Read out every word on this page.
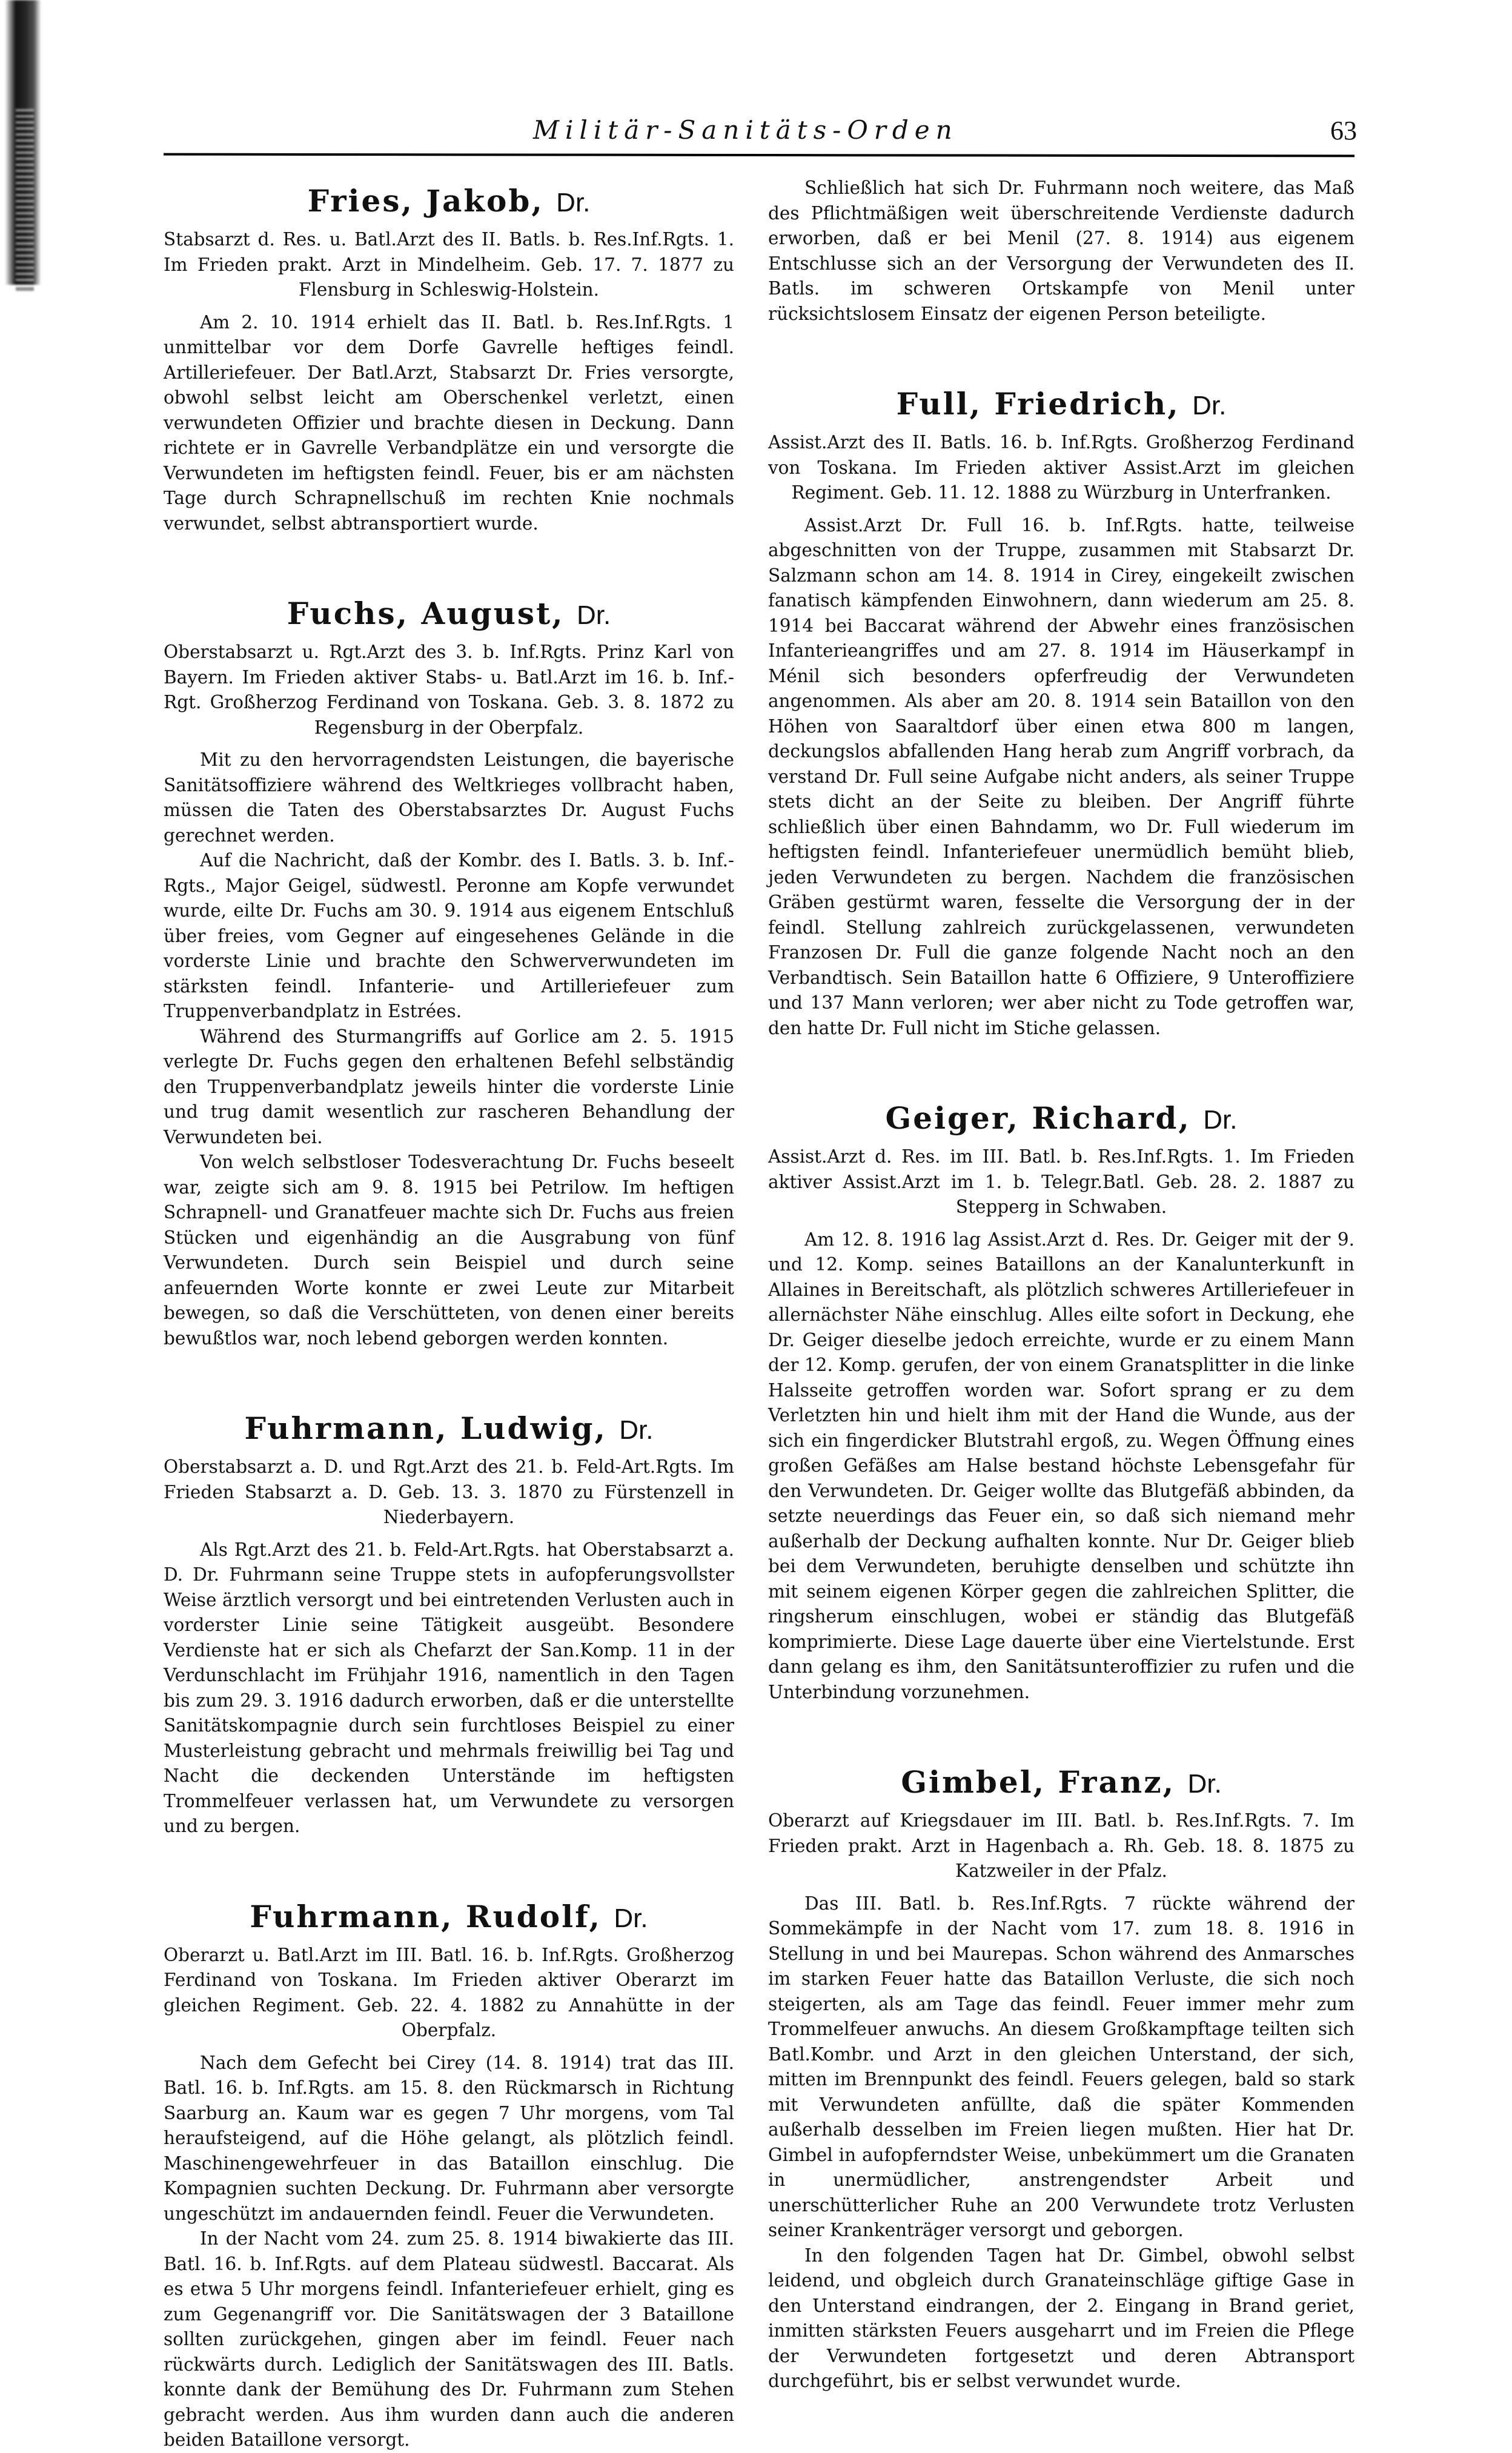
Militär-Sanitäts-Orden	63
Fries, Jakob, Dr.

Stabsarzt d. Res. u. Batl.Arzt des II. Batls. b. Res.Inf.Rgts. 1. Im Frieden prakt. Arzt in Mindelheim. Geb. 17. 7. 1877 zu Flensburg in Schleswig-Holstein.

Am 2. 10. 1914 erhielt das II. Batl. b. Res.Inf.Rgts. 1 unmittelbar vor dem Dorfe Gavrelle heftiges feindl. Artilleriefeuer. Der Batl.Arzt, Stabsarzt Dr. Fries versorgte, obwohl selbst leicht am Oberschenkel verletzt, einen verwundeten Offizier und brachte diesen in Deckung. Dann richtete er in Gavrelle Verbandplätze ein und versorgte die Verwundeten im heftigsten feindl. Feuer, bis er am nächsten Tage durch Schrapnellschuß im rechten Knie nochmals verwundet, selbst abtransportiert wurde.

Fuchs, August, Dr.

Oberstabsarzt u. Rgt.Arzt des 3. b. Inf.Rgts. Prinz Karl von Bayern. Im Frieden aktiver Stabs- u. Batl.Arzt im 16. b. Inf.-Rgt. Großherzog Ferdinand von Toskana. Geb. 3. 8. 1872 zu Regensburg in der Oberpfalz.

Mit zu den hervorragendsten Leistungen, die bayerische Sanitätsoffiziere während des Weltkrieges vollbracht haben, müssen die Taten des Oberstabsarztes Dr. August Fuchs gerechnet werden.

Auf die Nachricht, daß der Kombr. des I. Batls. 3. b. Inf.-Rgts., Major Geigel, südwestl. Peronne am Kopfe verwundet wurde, eilte Dr. Fuchs am 30. 9. 1914 aus eigenem Entschluß über freies, vom Gegner auf eingesehenes Gelände in die vorderste Linie und brachte den Schwerverwundeten im stärksten feindl. Infanterie- und Artilleriefeuer zum Truppenverbandplatz in Estrées.

Während des Sturmangriffs auf Gorlice am 2. 5. 1915 verlegte Dr. Fuchs gegen den erhaltenen Befehl selbständig den Truppenverbandplatz jeweils hinter die vorderste Linie und trug damit wesentlich zur rascheren Behandlung der Verwundeten bei.

Von welch selbstloser Todesverachtung Dr. Fuchs beseelt war, zeigte sich am 9. 8. 1915 bei Petrilow. Im heftigen Schrapnell- und Granatfeuer machte sich Dr. Fuchs aus freien Stücken und eigenhändig an die Ausgrabung von fünf Verwundeten. Durch sein Beispiel und durch seine anfeuernden Worte konnte er zwei Leute zur Mitarbeit bewegen, so daß die Verschütteten, von denen einer bereits bewußtlos war, noch lebend geborgen werden konnten.

Fuhrmann, Ludwig, Dr.

Oberstabsarzt a. D. und Rgt.Arzt des 21. b. Feld-Art.Rgts. Im Frieden Stabsarzt a. D. Geb. 13. 3. 1870 zu Fürstenzell in Niederbayern.

Als Rgt.Arzt des 21. b. Feld-Art.Rgts. hat Oberstabsarzt a. D. Dr. Fuhrmann seine Truppe stets in aufopferungsvollster Weise ärztlich versorgt und bei eintretenden Verlusten auch in vorderster Linie seine Tätigkeit ausgeübt. Besondere Verdienste hat er sich als Chefarzt der San.Komp. 11 in der Verdunschlacht im Frühjahr 1916, namentlich in den Tagen bis zum 29. 3. 1916 dadurch erworben, daß er die unterstellte Sanitätskompagnie durch sein furchtloses Beispiel zu einer Musterleistung gebracht und mehrmals freiwillig bei Tag und Nacht die deckenden Unterstände im heftigsten Trommelfeuer verlassen hat, um Verwundete zu versorgen und zu bergen.

Fuhrmann, Rudolf, Dr.

Oberarzt u. Batl.Arzt im III. Batl. 16. b. Inf.Rgts. Großherzog Ferdinand von Toskana. Im Frieden aktiver Oberarzt im gleichen Regiment. Geb. 22. 4. 1882 zu Annahütte in der Oberpfalz.

Nach dem Gefecht bei Cirey (14. 8. 1914) trat das III. Batl. 16. b. Inf.Rgts. am 15. 8. den Rückmarsch in Richtung Saarburg an. Kaum war es gegen 7 Uhr morgens, vom Tal heraufsteigend, auf die Höhe gelangt, als plötzlich feindl. Maschinengewehrfeuer in das Bataillon einschlug. Die Kompagnien suchten Deckung. Dr. Fuhrmann aber versorgte ungeschützt im andauernden feindl. Feuer die Verwundeten.

In der Nacht vom 24. zum 25. 8. 1914 biwakierte das III. Batl. 16. b. Inf.Rgts. auf dem Plateau südwestl. Baccarat. Als es etwa 5 Uhr morgens feindl. Infanteriefeuer erhielt, ging es zum Gegenangriff vor. Die Sanitätswagen der 3 Bataillone sollten zurückgehen, gingen aber im feindl. Feuer nach rückwärts durch. Lediglich der Sanitätswagen des III. Batls. konnte dank der Bemühung des Dr. Fuhrmann zum Stehen gebracht werden. Aus ihm wurden dann auch die anderen beiden Bataillone versorgt.

Schließlich hat sich Dr. Fuhrmann noch weitere, das Maß des Pflichtmäßigen weit überschreitende Verdienste dadurch erworben, daß er bei Menil (27. 8. 1914) aus eigenem Entschlusse sich an der Versorgung der Verwundeten des II. Batls. im schweren Ortskampfe von Menil unter rücksichtslosem Einsatz der eigenen Person beteiligte.

Full, Friedrich, Dr.

Assist.Arzt des II. Batls. 16. b. Inf.Rgts. Großherzog Ferdinand von Toskana. Im Frieden aktiver Assist.Arzt im gleichen Regiment. Geb. 11. 12. 1888 zu Würzburg in Unterfranken.

Assist.Arzt Dr. Full 16. b. Inf.Rgts. hatte, teilweise abgeschnitten von der Truppe, zusammen mit Stabsarzt Dr. Salzmann schon am 14. 8. 1914 in Cirey, eingekeilt zwischen fanatisch kämpfenden Einwohnern, dann wiederum am 25. 8. 1914 bei Baccarat während der Abwehr eines französischen Infanterieangriffes und am 27. 8. 1914 im Häuserkampf in Ménil sich besonders opferfreudig der Verwundeten angenommen. Als aber am 20. 8. 1914 sein Bataillon von den Höhen von Saaraltdorf über einen etwa 800 m langen, deckungslos abfallenden Hang herab zum Angriff vorbrach, da verstand Dr. Full seine Aufgabe nicht anders, als seiner Truppe stets dicht an der Seite zu bleiben. Der Angriff führte schließlich über einen Bahndamm, wo Dr. Full wiederum im heftigsten feindl. Infanteriefeuer unermüdlich bemüht blieb, jeden Verwundeten zu bergen. Nachdem die französischen Gräben gestürmt waren, fesselte die Versorgung der in der feindl. Stellung zahlreich zurückgelassenen, verwundeten Franzosen Dr. Full die ganze folgende Nacht noch an den Verbandtisch. Sein Bataillon hatte 6 Offiziere, 9 Unteroffiziere und 137 Mann verloren; wer aber nicht zu Tode getroffen war, den hatte Dr. Full nicht im Stiche gelassen.

Geiger, Richard, Dr.

Assist.Arzt d. Res. im III. Batl. b. Res.Inf.Rgts. 1. Im Frieden aktiver Assist.Arzt im 1. b. Telegr.Batl. Geb. 28. 2. 1887 zu Stepperg in Schwaben.

Am 12. 8. 1916 lag Assist.Arzt d. Res. Dr. Geiger mit der 9. und 12. Komp. seines Bataillons an der Kanalunterkunft in Allaines in Bereitschaft, als plötzlich schweres Artilleriefeuer in allernächster Nähe einschlug. Alles eilte sofort in Deckung, ehe Dr. Geiger dieselbe jedoch erreichte, wurde er zu einem Mann der 12. Komp. gerufen, der von einem Granatsplitter in die linke Halsseite getroffen worden war. Sofort sprang er zu dem Verletzten hin und hielt ihm mit der Hand die Wunde, aus der sich ein fingerdicker Blutstrahl ergoß, zu. Wegen Öffnung eines großen Gefäßes am Halse bestand höchste Lebensgefahr für den Verwundeten. Dr. Geiger wollte das Blutgefäß abbinden, da setzte neuerdings das Feuer ein, so daß sich niemand mehr außerhalb der Deckung aufhalten konnte. Nur Dr. Geiger blieb bei dem Verwundeten, beruhigte denselben und schützte ihn mit seinem eigenen Körper gegen die zahlreichen Splitter, die ringsherum einschlugen, wobei er ständig das Blutgefäß komprimierte. Diese Lage dauerte über eine Viertelstunde. Erst dann gelang es ihm, den Sanitätsunteroffizier zu rufen und die Unterbindung vorzunehmen.

Gimbel, Franz, Dr.

Oberarzt auf Kriegsdauer im III. Batl. b. Res.Inf.Rgts. 7. Im Frieden prakt. Arzt in Hagenbach a. Rh. Geb. 18. 8. 1875 zu Katzweiler in der Pfalz.

Das III. Batl. b. Res.Inf.Rgts. 7 rückte während der Sommekämpfe in der Nacht vom 17. zum 18. 8. 1916 in Stellung in und bei Maurepas. Schon während des Anmarsches im starken Feuer hatte das Bataillon Verluste, die sich noch steigerten, als am Tage das feindl. Feuer immer mehr zum Trommelfeuer anwuchs. An diesem Großkampftage teilten sich Batl.Kombr. und Arzt in den gleichen Unterstand, der sich, mitten im Brennpunkt des feindl. Feuers gelegen, bald so stark mit Verwundeten anfüllte, daß die später Kommenden außerhalb desselben im Freien liegen mußten. Hier hat Dr. Gimbel in aufopferndster Weise, unbekümmert um die Granaten in unermüdlicher, anstrengendster Arbeit und unerschütterlicher Ruhe an 200 Verwundete trotz Verlusten seiner Krankenträger versorgt und geborgen.

In den folgenden Tagen hat Dr. Gimbel, obwohl selbst leidend, und obgleich durch Granateinschläge giftige Gase in den Unterstand eindrangen, der 2. Eingang in Brand geriet, inmitten stärksten Feuers ausgeharrt und im Freien die Pflege der Verwundeten fortgesetzt und deren Abtransport durchgeführt, bis er selbst verwundet wurde.
